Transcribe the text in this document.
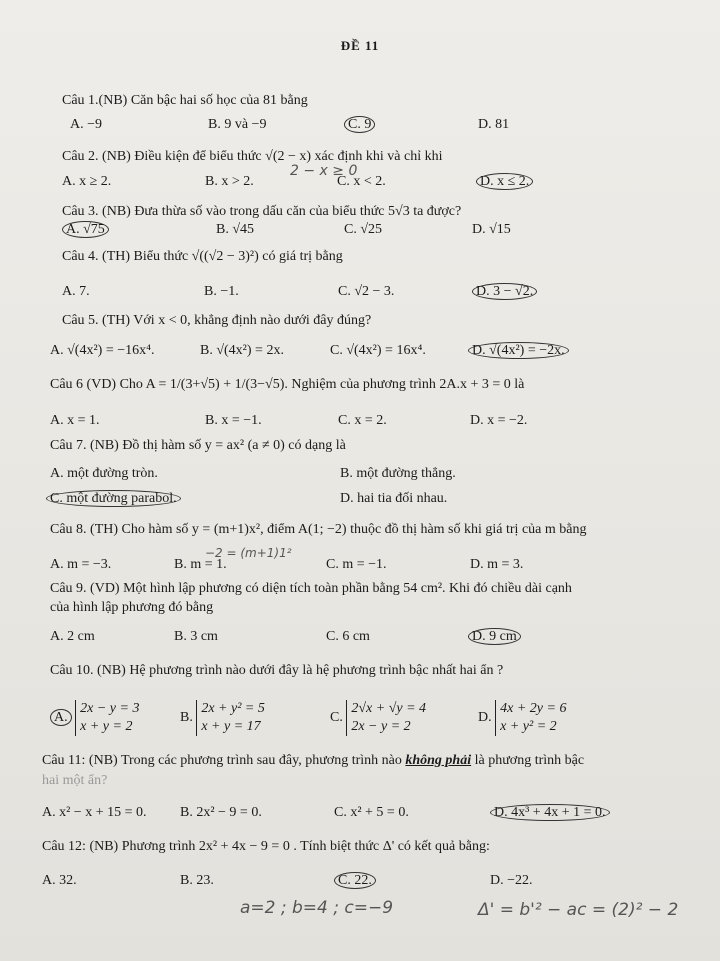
ĐỀ 11
Câu 1.(NB) Căn bậc hai số học của 81 bằng
A. −9	B. 9 và −9	C. 9	D. 81
Câu 2. (NB) Điều kiện để biểu thức √(2 − x) xác định khi và chỉ khi
A. x ≥ 2.	B. x > 2.
2 − x ≥ 0
C. x < 2.	D. x ≤ 2.
Câu 3. (NB) Đưa thừa số vào trong dấu căn của biểu thức 5√3 ta được?
A. √75	B. √45	C. √25	D. √15
Câu 4. (TH) Biểu thức √((√2 − 3)²) có giá trị bằng
A. 7.	B. −1.	C. √2 − 3.	D. 3 − √2.
Câu 5. (TH) Với x < 0, khẳng định nào dưới đây đúng?
A. √(4x²) = −16x⁴.	B. √(4x²) = 2x.	C. √(4x²) = 16x⁴.	D. √(4x²) = −2x.
Câu 6 (VD) Cho A = 1/(3+√5) + 1/(3−√5). Nghiệm của phương trình 2A.x + 3 = 0 là
A. x = 1.	B. x = −1.	C. x = 2.	D. x = −2.
Câu 7. (NB) Đồ thị hàm số y = ax² (a ≠ 0) có dạng là
A. một đường tròn.	B. một đường thẳng.
C. một đường parabol.	D. hai tia đối nhau.
Câu 8. (TH) Cho hàm số y = (m+1)x², điểm A(1; −2) thuộc đồ thị hàm số khi giá trị của m bằng
A. m = −3.	B. m = 1.
−2 = (m+1)1²
C. m = −1.	D. m = 3.
Câu 9. (VD) Một hình lập phương có diện tích toàn phần bằng 54 cm². Khi đó chiều dài cạnh
của hình lập phương đó bằng
A. 2 cm	B. 3 cm	C. 6 cm	D. 9 cm
Câu 10. (NB) Hệ phương trình nào dưới đây là hệ phương trình bậc nhất hai ẩn ?
A. 2x − y = 3
x + y = 2
B. 2x + y² = 5
x + y = 17
C. 2√x + √y = 4
2x − y = 2
D. 4x + 2y = 6
x + y² = 2
Câu 11: (NB) Trong các phương trình sau đây, phương trình nào không phải là phương trình bậc
hai một ẩn?
A. x² − x + 15 = 0. B. 2x² − 9 = 0.	C. x² + 5 = 0.	D. 4x³ + 4x + 1 = 0.
Câu 12: (NB) Phương trình 2x² + 4x − 9 = 0 . Tính biệt thức Δ' có kết quả bằng:
A. 32.	B. 23.	C. 22.	D. −22.
a=2 ; b=4 ; c=−9	Δ' = b'² − ac = (2)² − 2
